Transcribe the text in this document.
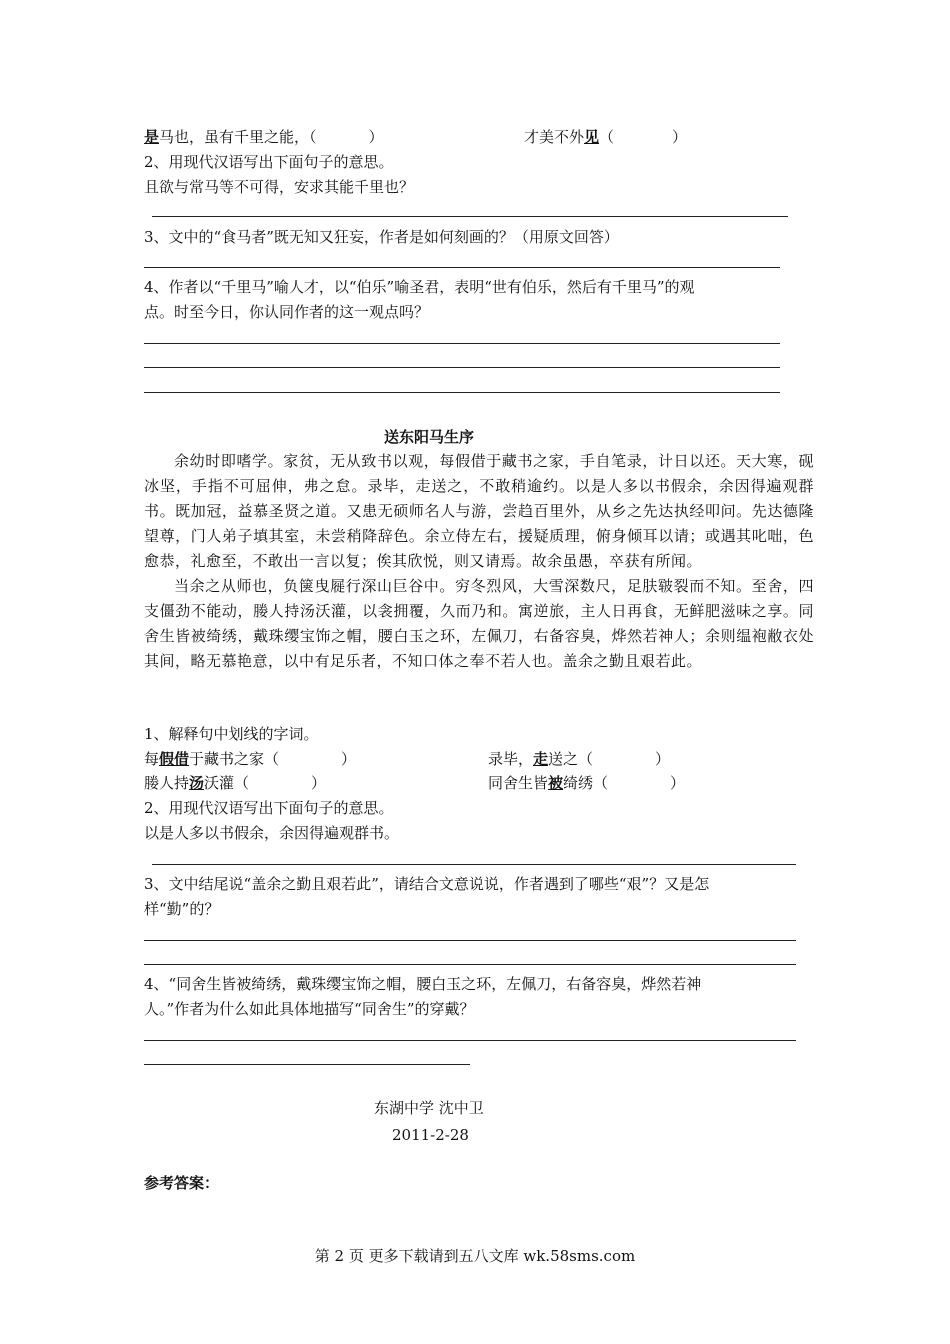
是马也，虽有千里之能，（	）	才美不外见（	）
2、用现代汉语写出下面句子的意思。
且欲与常马等不可得，安求其能千里也？
3、文中的“食马者”既无知又狂妄，作者是如何刻画的？（用原文回答）
4、作者以“千里马”喻人才，以“伯乐”喻圣君，表明“世有伯乐，然后有千里马”的观
点。时至今日，你认同作者的这一观点吗？
送东阳马生序

余幼时即嗜学。家贫，无从致书以观，每假借于藏书之家，手自笔录，计日以还。天大寒，砚冰坚，手指不可屈伸，弗之怠。录毕，走送之，不敢稍逾约。以是人多以书假余，余因得遍观群书。既加冠，益慕圣贤之道。又患无硕师名人与游，尝趋百里外，从乡之先达执经叩问。先达德隆望尊，门人弟子填其室，未尝稍降辞色。余立侍左右，援疑质理，俯身倾耳以请；或遇其叱咄，色愈恭，礼愈至，不敢出一言以复；俟其欣悦，则又请焉。故余虽愚，卒获有所闻。

当余之从师也，负箧曳屣行深山巨谷中。穷冬烈风，大雪深数尺，足肤皲裂而不知。至舍，四支僵劲不能动，媵人持汤沃灌，以衾拥覆，久而乃和。寓逆旅，主人日再食，无鲜肥滋味之享。同舍生皆被绮绣，戴珠缨宝饰之帽，腰白玉之环，左佩刀，右备容臭，烨然若神人；余则缊袍敝衣处其间，略无慕艳意，以中有足乐者，不知口体之奉不若人也。盖余之勤且艰若此。

1、解释句中划线的字词。
每假借于藏书之家（	）	录毕，走送之（	）
媵人持汤沃灌（	）	同舍生皆被绮绣（	）
2、用现代汉语写出下面句子的意思。
以是人多以书假余，余因得遍观群书。
3、文中结尾说“盖余之勤且艰若此”，请结合文意说说，作者遇到了哪些“艰”？又是怎
样“勤”的？
4、“同舍生皆被绮绣，戴珠缨宝饰之帽，腰白玉之环，左佩刀，右备容臭，烨然若神
人。”作者为什么如此具体地描写“同舍生”的穿戴？
东湖中学 沈中卫
2011-2-28
参考答案：
第 2 页 更多下载请到五八文库 wk.58sms.com
